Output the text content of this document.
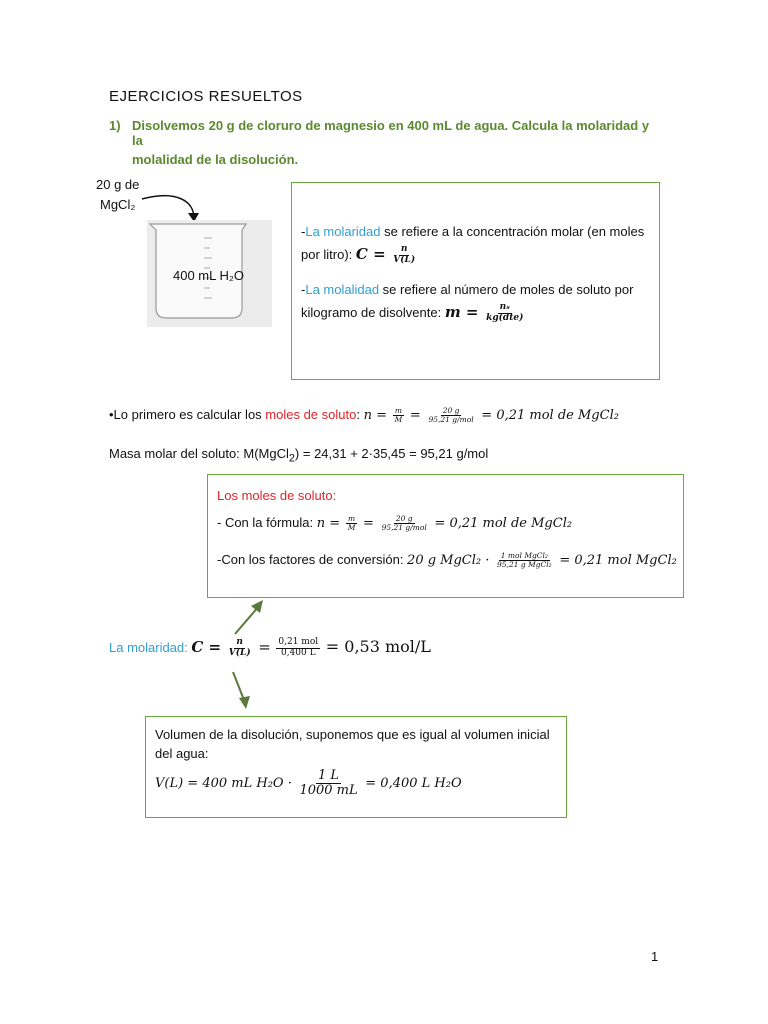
EJERCICIOS RESUELTOS
1) Disolvemos 20 g de cloruro de magnesio en 400 mL de agua. Calcula la molaridad y la
molalidad de la disolución.
20 g de
MgCl₂
400 mL H₂O
-La molaridad se refiere a la concentración molar (en moles
por litro): $C = \frac{n}{V(L)}$
-La molalidad se refiere al número de moles de soluto por
kilogramo de disolvente: $m = \frac{\text{nₛ}}{\text{kg(dte)}}$
•Lo primero es calcular los moles de soluto: $n = \frac{m}{M} = \frac{20 g}{\text{95,21 g/mol}} = 0,21$ mol de MgCl₂
Masa molar del soluto: M(MgCl$_2$) = 24,31 + 2·35,45 = 95,21 g/mol
Los moles de soluto:
- Con la fórmula: $n = \frac{m}{M} = \frac{20 g}{\text{95,21 g/mol}} = 0,21$ mol de MgCl₂
-Con los factores de conversión: 20 g MgCl₂ · $\frac{\text{1 mol MgCl₂}}{\text{95,21 g MgCl₂}} = 0,21$ mol MgCl₂
La molaridad: $C = \frac{n}{V(L)} = \frac{\text{0,21 mol}}{0,400 L} = 0,53$ mol/L
Volumen de la disolución, suponemos que es igual al volumen inicial
del agua:
V(L) = 400 mL $H_2O \cdot \frac{1 L}{1000 mL} = 0,400$ L H₂O
1
